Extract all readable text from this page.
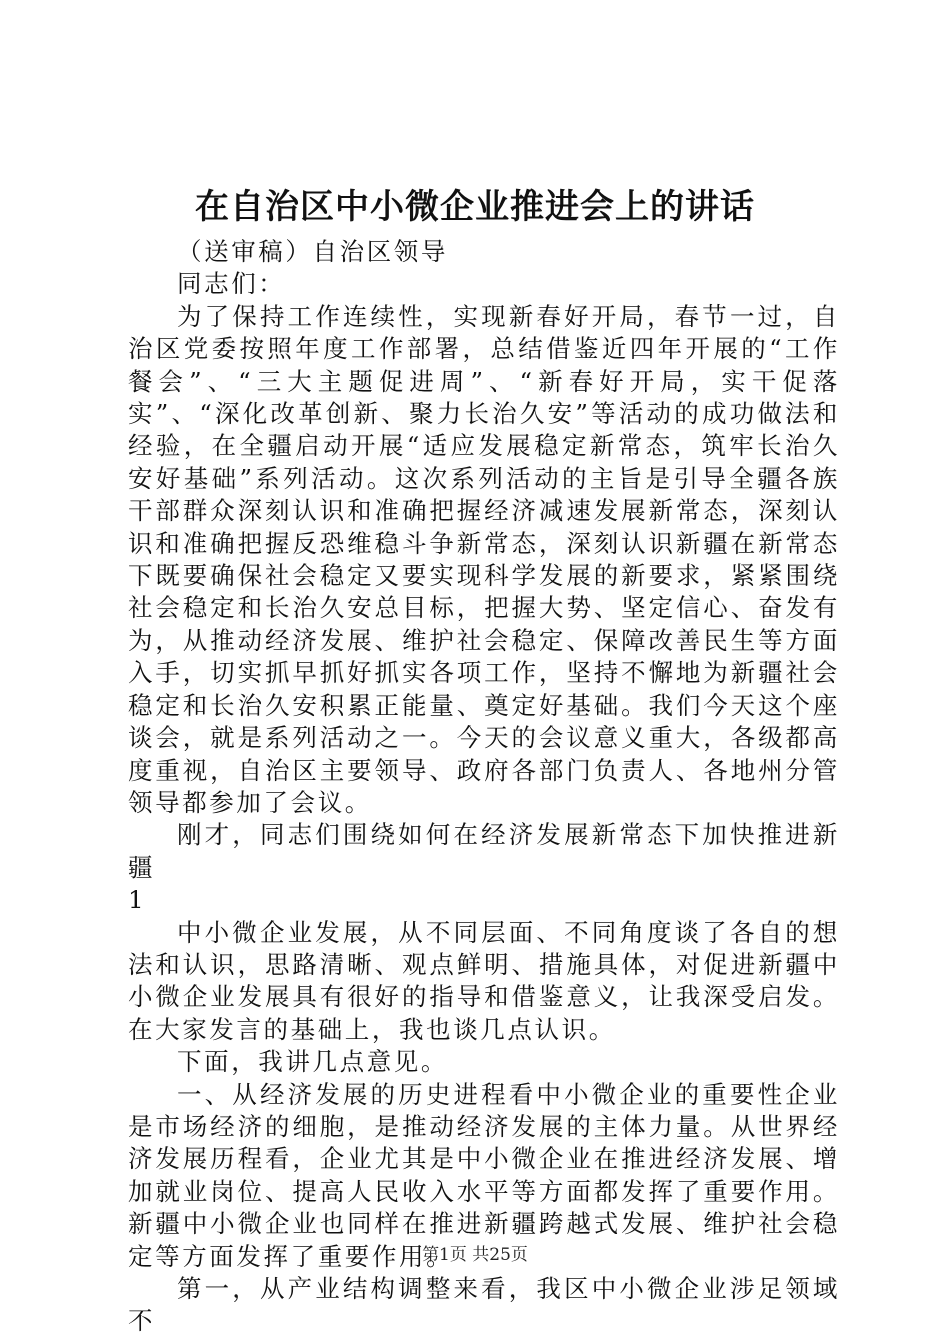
在自治区中小微企业推进会上的讲话

（送审稿）自治区领导

同志们：

为了保持工作连续性，实现新春好开局，春节一过，自治区党委按照年度工作部署，总结借鉴近四年开展的“工作餐会”、“三大主题促进周”、“新春好开局，实干促落实”、“深化改革创新、聚力长治久安”等活动的成功做法和经验，在全疆启动开展“适应发展稳定新常态，筑牢长治久安好基础”系列活动。这次系列活动的主旨是引导全疆各族干部群众深刻认识和准确把握经济减速发展新常态，深刻认识和准确把握反恐维稳斗争新常态，深刻认识新疆在新常态下既要确保社会稳定又要实现科学发展的新要求，紧紧围绕社会稳定和长治久安总目标，把握大势、坚定信心、奋发有为，从推动经济发展、维护社会稳定、保障改善民生等方面入手，切实抓早抓好抓实各项工作，坚持不懈地为新疆社会稳定和长治久安积累正能量、奠定好基础。我们今天这个座谈会，就是系列活动之一。今天的会议意义重大，各级都高度重视，自治区主要领导、政府各部门负责人、各地州分管领导都参加了会议。

刚才，同志们围绕如何在经济发展新常态下加快推进新疆

1

中小微企业发展，从不同层面、不同角度谈了各自的想法和认识，思路清晰、观点鲜明、措施具体，对促进新疆中小微企业发展具有很好的指导和借鉴意义，让我深受启发。在大家发言的基础上，我也谈几点认识。

下面，我讲几点意见。

一、从经济发展的历史进程看中小微企业的重要性企业是市场经济的细胞，是推动经济发展的主体力量。从世界经济发展历程看，企业尤其是中小微企业在推进经济发展、增加就业岗位、提高人民收入水平等方面都发挥了重要作用。新疆中小微企业也同样在推进新疆跨越式发展、维护社会稳定等方面发挥了重要作用。

第一，从产业结构调整来看，我区中小微企业涉足领域不

第1页 共25页
